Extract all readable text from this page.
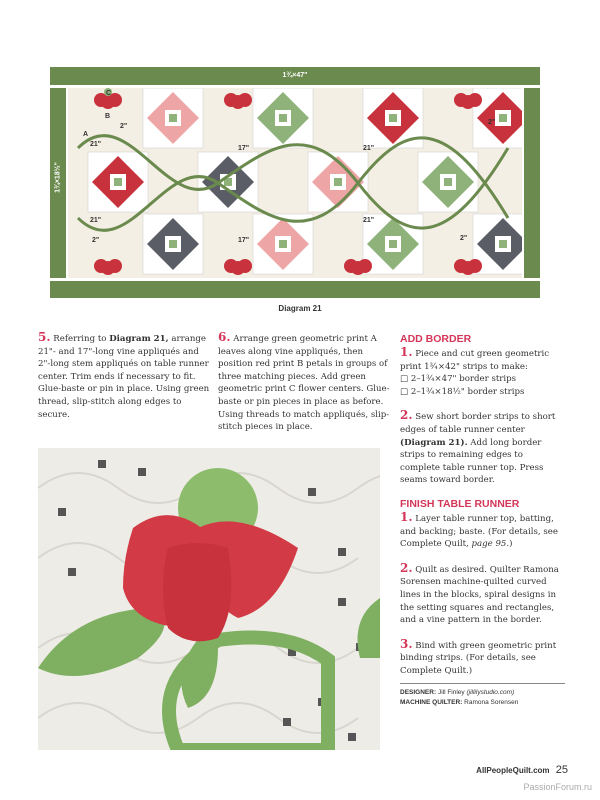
1¾×47"
1¾×18½"
21"
17"	21"
21"
17"
21"
2"
2"
2"	2"
A
B
C
Diagram 21
5. Referring to Diagram 21, arrange 21"- and 17"-long vine appliqués and 2"-long stem appliqués on table runner center. Trim ends if necessary to fit. Glue-baste or pin in place. Using green thread, slip-stitch along edges to secure.
6. Arrange green geometric print A leaves along vine appliqués, then position red print B petals in groups of three matching pieces. Add green geometric print C flower centers. Glue-baste or pin pieces in place as before. Using threads to match appliqués, slip-stitch pieces in place.
ADD BORDER

1. Piece and cut green geometric print 1¾×42" strips to make:
□ 2–1¾×47" border strips
□ 2–1¾×18½" border strips

2. Sew short border strips to short edges of table runner center (Diagram 21). Add long border strips to remaining edges to complete table runner top. Press seams toward border.

FINISH TABLE RUNNER

1. Layer table runner top, batting, and backing; baste. (For details, see Complete Quilt, page 95.)

2. Quilt as desired. Quilter Ramona Sorensen machine-quilted curved lines in the blocks, spiral designs in the setting squares and rectangles, and a vine pattern in the border.

3. Bind with green geometric print binding strips. (For details, see Complete Quilt.)

DESIGNER: Jill Finley (jillilystudio.com)
MACHINE QUILTER: Ramona Sorensen
AllPeopleQuilt.com 25
PassionForum.ru
